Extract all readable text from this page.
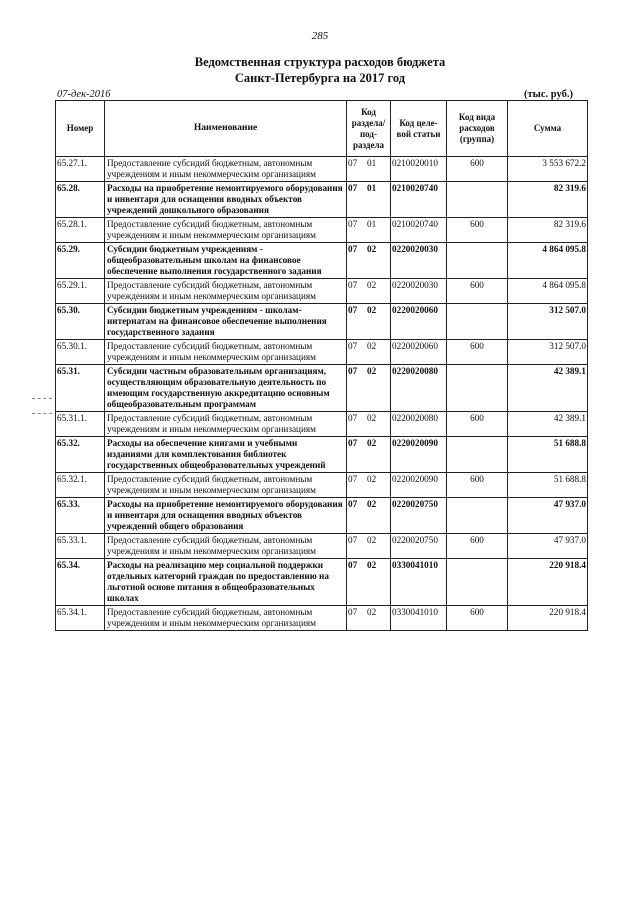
285
Ведомственная структура расходов бюджета
Санкт-Петербурга на 2017 год
07-дек-2016	(тыс. руб.)
Номер	Наименование	Код раздела/ под- раздела	Код целе- вой статьи	Код вида расходов (группа)	Сумма
65.27.1.	Предоставление субсидий бюджетным, автономным учреждениям и иным некоммерческим организациям	07 01	0210020010	600	3 553 672.2
65.28.	Расходы на приобретение немонтируемого оборудования и инвентаря для оснащения вводных объектов учреждений дошкольного образования	07 01	0210020740		82 319.6
65.28.1.	Предоставление субсидий бюджетным, автономным учреждениям и иным некоммерческим организациям	07 01	0210020740	600	82 319.6
65.29.	Субсидии бюджетным учреждениям - общеобразовательным школам на финансовое обеспечение выполнения государственного задания	07 02	0220020030		4 864 095.8
65.29.1.	Предоставление субсидий бюджетным, автономным учреждениям и иным некоммерческим организациям	07 02	0220020030	600	4 864 095.8
65.30.	Субсидии бюджетным учреждениям - школам-интернатам на финансовое обеспечение выполнения государственного задания	07 02	0220020060		312 507.0
65.30.1.	Предоставление субсидий бюджетным, автономным учреждениям и иным некоммерческим организациям	07 02	0220020060	600	312 507.0
65.31.	Субсидии частным образовательным организациям, осуществляющим образовательную деятельность по имеющим государственную аккредитацию основным общеобразовательным программам	07 02	0220020080		42 389.1
65.31.1.	Предоставление субсидий бюджетным, автономным учреждениям и иным некоммерческим организациям	07 02	0220020080	600	42 389.1
65.32.	Расходы на обеспечение книгами и учебными изданиями для комплектования библиотек государственных общеобразовательных учреждений	07 02	0220020090		51 688.8
65.32.1.	Предоставление субсидий бюджетным, автономным учреждениям и иным некоммерческим организациям	07 02	0220020090	600	51 688.8
65.33.	Расходы на приобретение немонтируемого оборудования и инвентаря для оснащения вводных объектов учреждений общего образования	07 02	0220020750		47 937.0
65.33.1.	Предоставление субсидий бюджетным, автономным учреждениям и иным некоммерческим организациям	07 02	0220020750	600	47 937.0
65.34.	Расходы на реализацию мер социальной поддержки отдельных категорий граждан по предоставлению на льготной основе питания в общеобразовательных школах	07 02	0330041010		220 918.4
65.34.1.	Предоставление субсидий бюджетным, автономным учреждениям и иным некоммерческим организациям	07 02	0330041010	600	220 918.4
